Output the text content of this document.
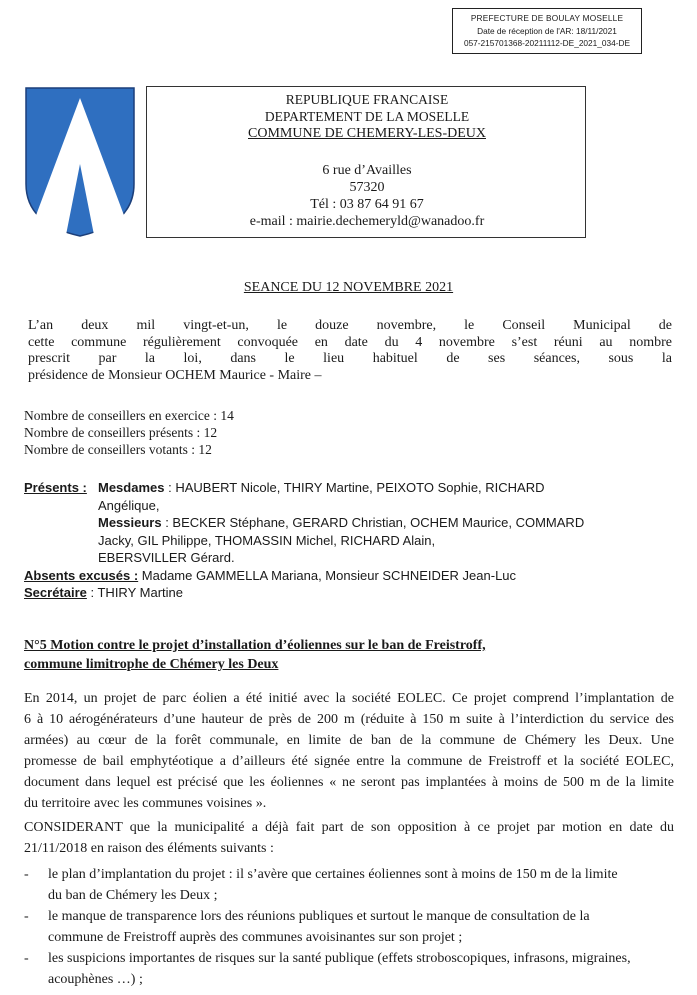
PREFECTURE DE BOULAY MOSELLE
Date de réception de l'AR: 18/11/2021
057-215701368-20211112-DE_2021_034-DE
REPUBLIQUE FRANCAISE
DEPARTEMENT DE LA MOSELLE
COMMUNE DE CHEMERY-LES-DEUX
6 rue d’Availles
57320
Tél : 03 87 64 91 67
e-mail : mairie.dechemeryld@wanadoo.fr
SEANCE DU 12 NOVEMBRE 2021
L’an deux mil vingt-et-un, le douze novembre, le Conseil Municipal de
cette commune régulièrement convoquée en date du 4 novembre s’est réuni au nombre
prescrit par la loi, dans le lieu habituel de ses séances, sous la
présidence de Monsieur OCHEM Maurice - Maire –
Nombre de conseillers en exercice : 14
Nombre de conseillers présents : 12
Nombre de conseillers votants : 12
Présents : Mesdames : HAUBERT Nicole, THIRY Martine, PEIXOTO Sophie, RICHARD
Angélique,
Messieurs : BECKER Stéphane, GERARD Christian, OCHEM Maurice, COMMARD
Jacky, GIL Philippe, THOMASSIN Michel, RICHARD Alain,
EBERSVILLER Gérard.
Absents excusés : Madame GAMMELLA Mariana, Monsieur SCHNEIDER Jean-Luc
Secrétaire : THIRY Martine
N°5 Motion contre le projet d’installation d’éoliennes sur le ban de Freistroff,
commune limitrophe de Chémery les Deux
En 2014, un projet de parc éolien a été initié avec la société EOLEC. Ce projet comprend l’implantation de
6 à 10 aérogénérateurs d’une hauteur de près de 200 m (réduite à 150 m suite à l’interdiction du service des
armées) au cœur de la forêt communale, en limite de ban de la commune de Chémery les Deux. Une
promesse de bail emphytéotique a d’ailleurs été signée entre la commune de Freistroff et la société EOLEC,
document dans lequel est précisé que les éoliennes « ne seront pas implantées à moins de 500 m de la limite
du territoire avec les communes voisines ».
CONSIDERANT que la municipalité a déjà fait part de son opposition à ce projet par motion en date du
21/11/2018 en raison des éléments suivants :
- le plan d’implantation du projet : il s’avère que certaines éoliennes sont à moins de 150 m de la limite
du ban de Chémery les Deux ;
- le manque de transparence lors des réunions publiques et surtout le manque de consultation de la
commune de Freistroff auprès des communes avoisinantes sur son projet ;
- les suspicions importantes de risques sur la santé publique (effets stroboscopiques, infrasons, migraines,
acouphènes …) ;
